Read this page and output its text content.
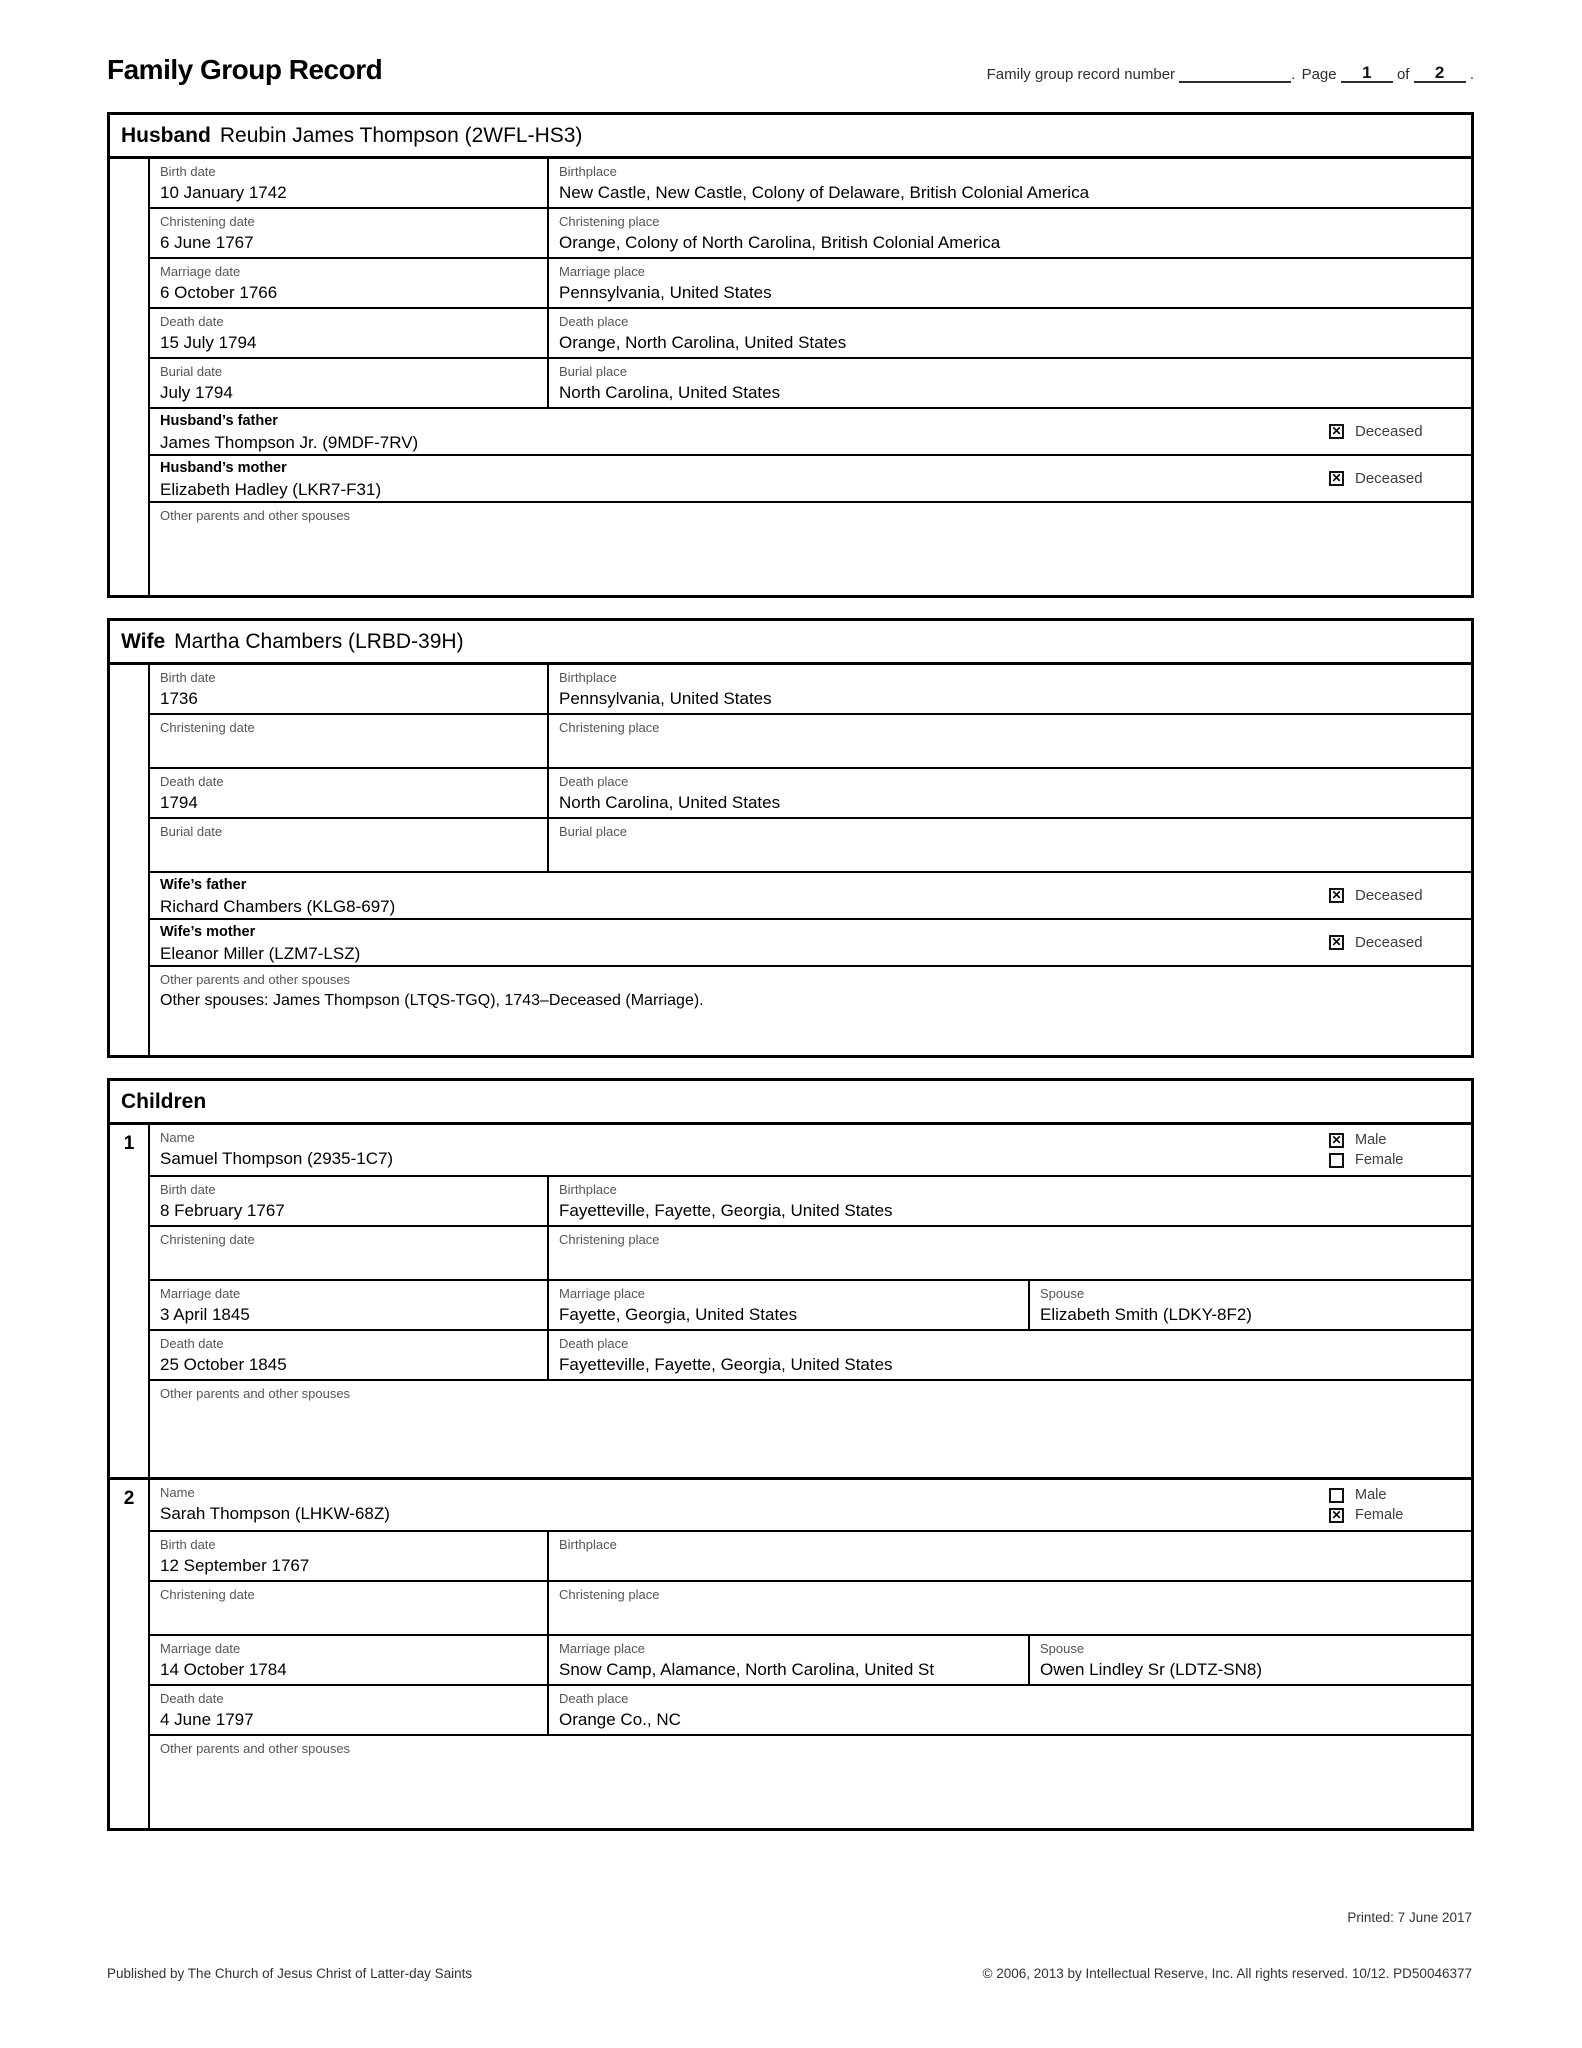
Family Group Record	Family group record number	. Page 1 of 2 .
Husband Reubin James Thompson (2WFL-HS3)
Birth date
10 January 1742
Birthplace
New Castle, New Castle, Colony of Delaware, British Colonial America
Christening date
6 June 1767
Christening place
Orange, Colony of North Carolina, British Colonial America
Marriage date
6 October 1766
Marriage place
Pennsylvania, United States
Death date
15 July 1794
Death place
Orange, North Carolina, United States
Burial date
July 1794
Burial place
North Carolina, United States
Husband’s father
James Thompson Jr. (9MDF-7RV)
✕
Deceased
Husband’s mother
Elizabeth Hadley (LKR7-F31)
✕
Deceased
Other parents and other spouses
Wife Martha Chambers (LRBD-39H)
Birth date
1736
Birthplace
Pennsylvania, United States
Christening date	Christening place
Death date
1794
Death place
North Carolina, United States
Burial date	Burial place
Wife’s father
Richard Chambers (KLG8-697)
✕
Deceased
Wife’s mother
Eleanor Miller (LZM7-LSZ)
✕
Deceased
Other parents and other spouses
Other spouses: James Thompson (LTQS-TGQ), 1743–Deceased (Marriage).
Children
1	Name
Samuel Thompson (2935-1C7)
✕
Male
Female
Birth date
8 February 1767
Birthplace
Fayetteville, Fayette, Georgia, United States
Christening date	Christening place
Marriage date
3 April 1845
Marriage place
Fayette, Georgia, United States
Spouse
Elizabeth Smith (LDKY-8F2)
Death date
25 October 1845
Death place
Fayetteville, Fayette, Georgia, United States
Other parents and other spouses
2	Name
Sarah Thompson (LHKW-68Z)
Male
✕
Female
Birth date
12 September 1767
Birthplace
Christening date	Christening place
Marriage date
14 October 1784
Marriage place
Snow Camp, Alamance, North Carolina, United St
Spouse
Owen Lindley Sr (LDTZ-SN8)
Death date
4 June 1797
Death place
Orange Co., NC
Other parents and other spouses
Printed: 7 June 2017
Published by The Church of Jesus Christ of Latter-day Saints	© 2006, 2013 by Intellectual Reserve, Inc. All rights reserved. 10/12. PD50046377
